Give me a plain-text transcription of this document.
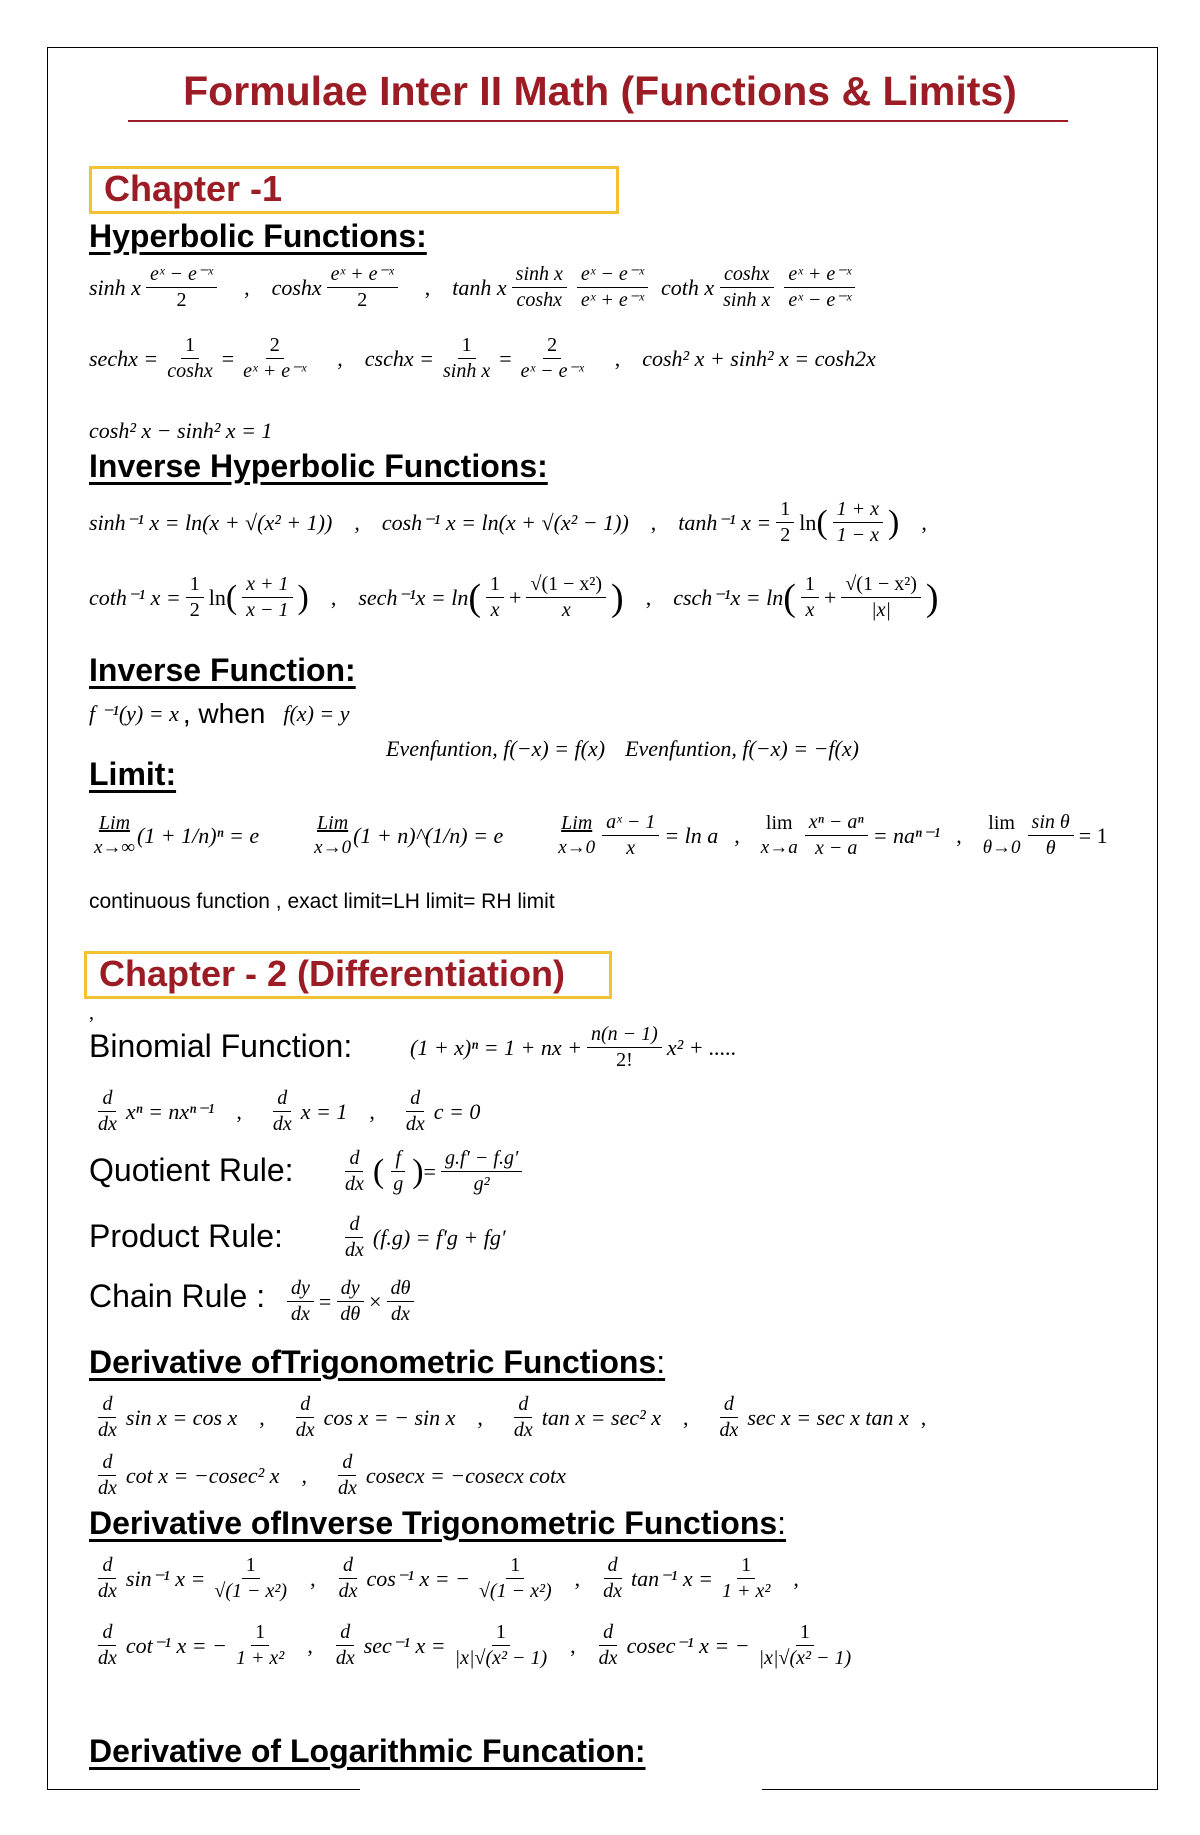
Formulae Inter II Math (Functions & Limits)
Chapter -1
Hyperbolic Functions:
sinh x $\frac{\text{eˣ − e⁻ˣ}}{2}$ , coshx $\frac{\text{eˣ + e⁻ˣ}}{2}$ , tanh x $\frac{\text{sinh x}}{\cosh x} \frac{\text{eˣ − e⁻ˣ}}{\text{eˣ + e⁻ˣ}}$ coth x $\frac{\cosh x}{\text{sinh x}} \frac{\text{eˣ + e⁻ˣ}}{\text{eˣ − e⁻ˣ}}$
sechx = $\frac{1}{\cosh x} = \frac{2}{\text{eˣ + e⁻ˣ}}$ , cschx = $\frac{1}{\text{sinh x}} = \frac{2}{\text{eˣ − e⁻ˣ}}$ , cosh² x + sinh² x = cosh2x
cosh² x − sinh² x = 1
Inverse Hyperbolic Functions:
sinh⁻¹ x = ln(x + √(x² + 1)) , cosh⁻¹ x = ln(x + √(x² − 1)) , tanh⁻¹ $x = \frac{1}{2}$ ln ( $\frac{1 + x}{1 - x}$ ) ,
coth⁻¹ $x = \frac{1}{2}$ ln ( $\frac{x + 1}{x - 1}$ ) , sech⁻¹x = ln ( $\frac{1}{x} + \frac{\text{√(1 − x²)}}{x}$ ) , csch⁻¹x = ln ( $\frac{1}{x} + \frac{\text{√(1 − x²)}}{|x|}$ )
Inverse Function:
f ⁻¹(y) = x , when f(x) = y
Evenfuntion, f(−x) = f(x) Evenfuntion, f(−x) = −f(x)
Limit:
Lim
x→∞
(1 + 1/n)ⁿ = e	Lim
x→0
(1 + n)^(1/n) = e	Lim
$x\to 0 \frac{\text{aˣ − 1}}{x} = \ln a$ , lim
$x\to a \frac{\text{xⁿ − aⁿ}}{x - a} = na^{n-1}$ , lim
$\theta\to 0 \frac{\text{sin θ}}{\theta} = 1$
continuous function , exact limit=LH limit= RH limit
Chapter - 2 (Differentiation)
,
Binomial Function:	(1 + x)ⁿ = 1 + nx + $\frac{n(n - 1)}{2!} x^2$ + .....
$\frac{d}{dx}$ xⁿ = nxⁿ⁻¹ , $\frac{d}{dx}$ x = 1 , $\frac{d}{dx}$ c = 0
Quotient Rule: $\frac{d}{dx}$ ( $\frac{f}{g}$ ) = $\frac{g.f' - f.g'}{\text{g²}}$
Product Rule:	$\frac{d}{dx} (f.g) = f'g + fg'$
Chain Rule : $\frac{dy}{dx} = \frac{dy}{d\theta} \times \frac{d\theta}{dx}$
Derivative ofTrigonometric Functions:
$\frac{d}{dx}$ sin x = cos x , $\frac{d}{dx}$ cos x = − sin x , $\frac{d}{dx}$ tan x = sec² x , $\frac{d}{dx}$ sec x = sec x tan x ,
$\frac{d}{dx}$ cot x = −cosec² x , $\frac{d}{dx}$ cosecx = −cosecx cotx
Derivative ofInverse Trigonometric Functions:
$\frac{d}{dx} \sin^{-1}$ $x = \frac{1}{\text{√(1 − x²)}}$ , $\frac{d}{dx} \cos^{-1}$ x = − $\frac{1}{\text{√(1 − x²)}}$ , $\frac{d}{dx} \tan^{-1}$ $x = \frac{1}{\text{1 + x²}}$ ,
$\frac{d}{dx} \cot^{-1}$ x = − $\frac{1}{\text{1 + x²}}$ , $\frac{d}{dx} \sec^{-1}$ $x = \frac{1}{\text{|x|√(x² − 1)}}$ , $\frac{d}{dx} cosec^{-1}$ x = − $\frac{1}{\text{|x|√(x² − 1)}}$
Derivative of Logarithmic Funcation:
